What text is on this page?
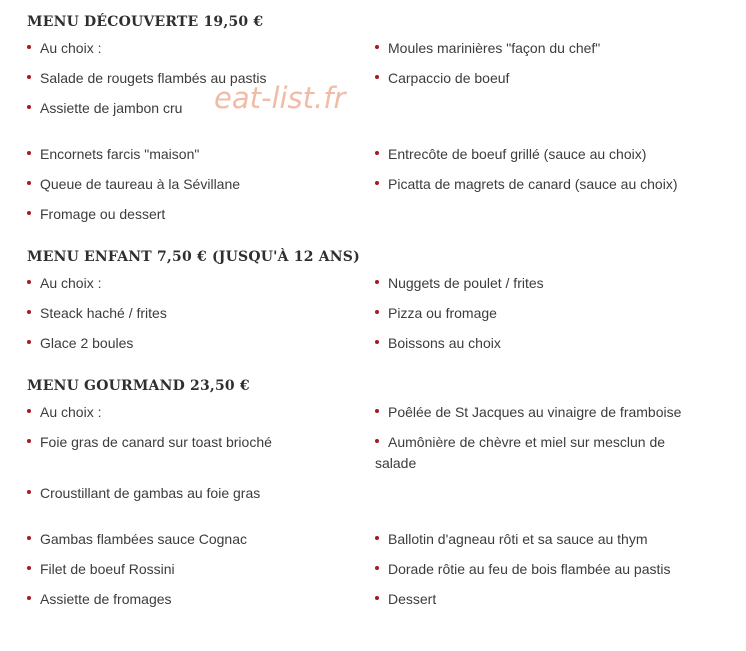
MENU DÉCOUVERTE 19,50 €
Au choix :
Salade de rougets flambés au pastis
Assiette de jambon cru
Encornets farcis "maison"
Queue de taureau à la Sévillane
Fromage ou dessert
Moules marinières "façon du chef"
Carpaccio de boeuf
Entrecôte de boeuf grillé (sauce au choix)
Picatta de magrets de canard (sauce au choix)
eat-list.fr
MENU ENFANT 7,50 € (JUSQU'À 12 ANS)
Au choix :
Steack haché / frites
Glace 2 boules
Nuggets de poulet / frites
Pizza ou fromage
Boissons au choix
MENU GOURMAND 23,50 €
Au choix :
Foie gras de canard sur toast brioché
Croustillant de gambas au foie gras
Gambas flambées sauce Cognac
Filet de boeuf Rossini
Assiette de fromages
Poêlée de St Jacques au vinaigre de framboise
Aumônière de chèvre et miel sur mesclun de salade
Ballotin d'agneau rôti et sa sauce au thym
Dorade rôtie au feu de bois flambée au pastis
Dessert
